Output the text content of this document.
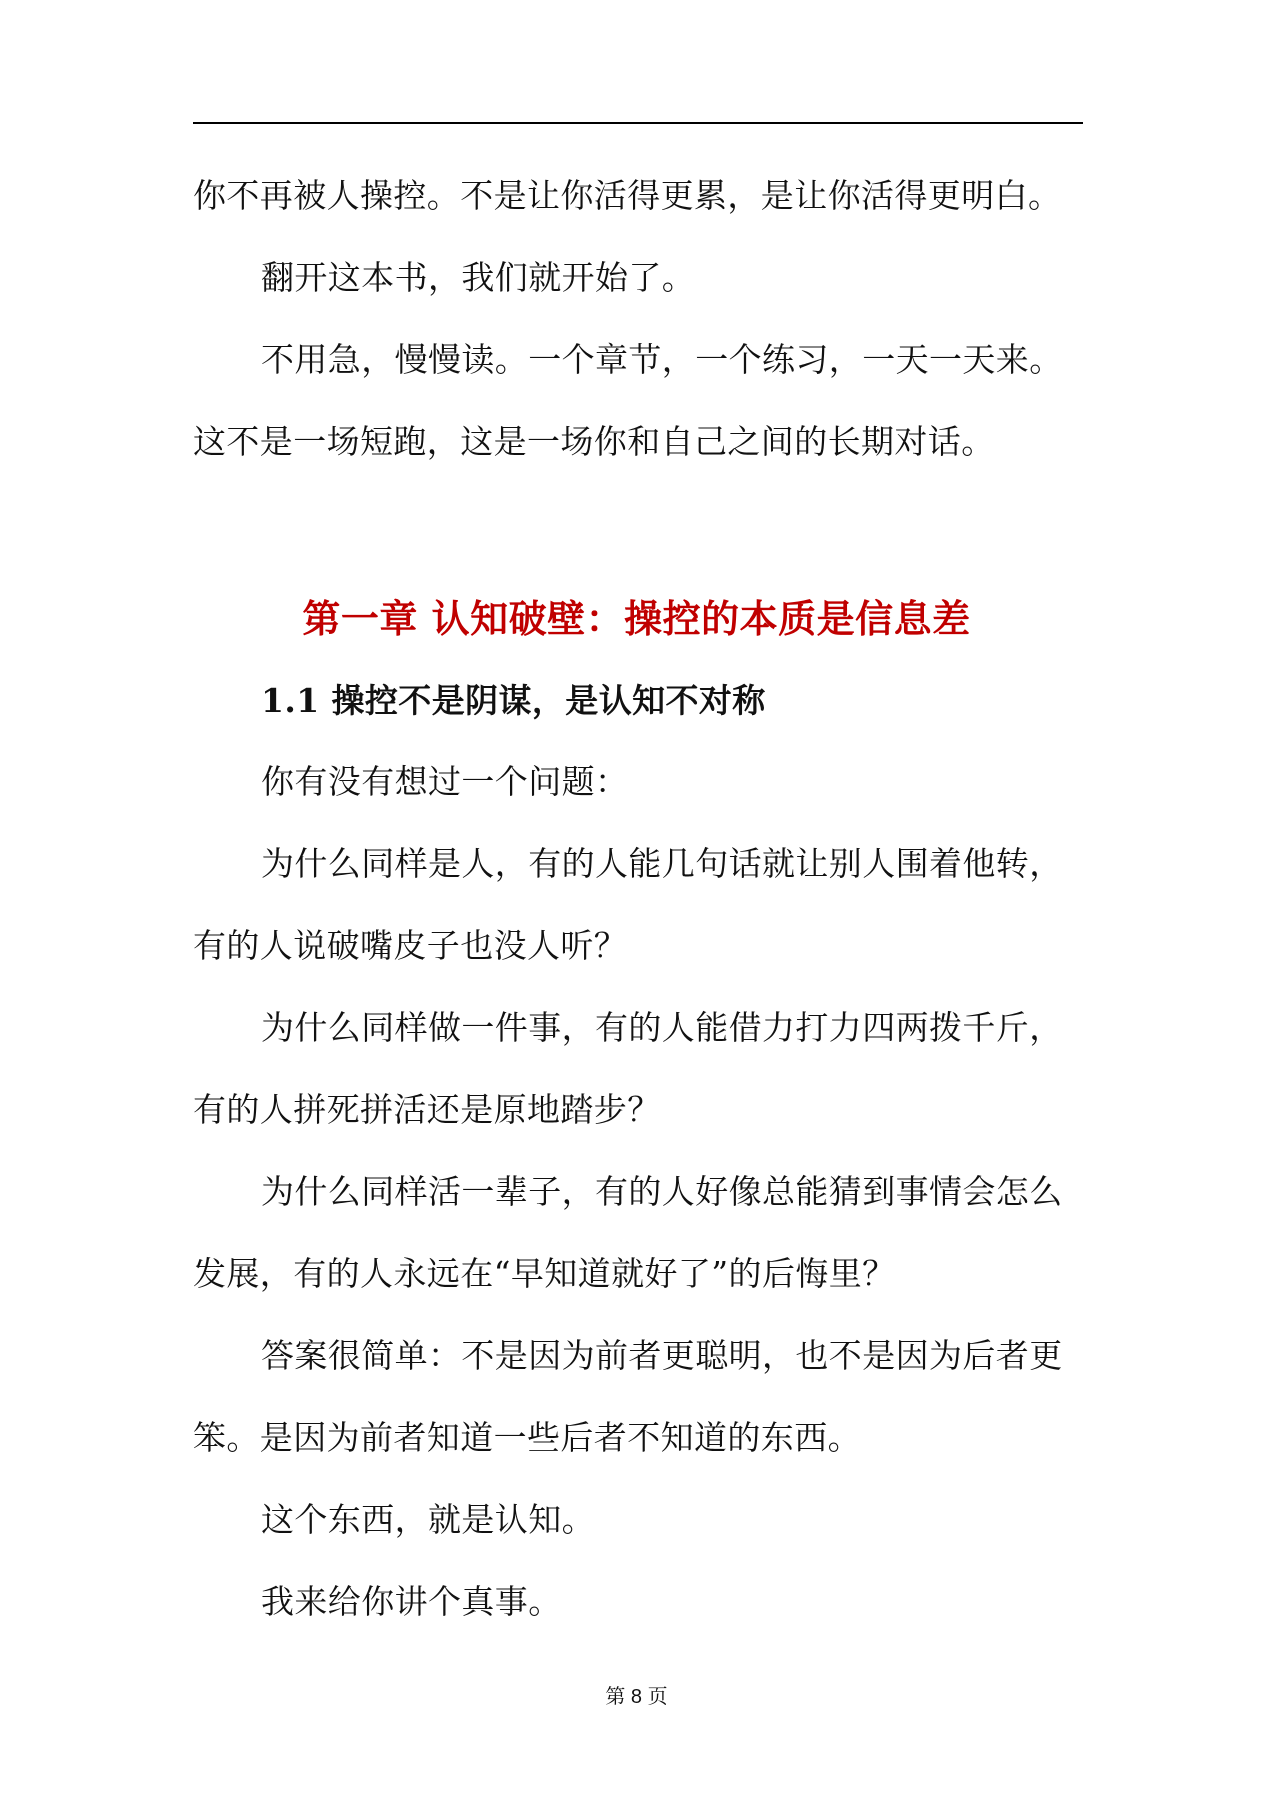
你不再被人操控。不是让你活得更累，是让你活得更明白。
翻开这本书，我们就开始了。
不用急，慢慢读。一个章节，一个练习，一天一天来。
这不是一场短跑，这是一场你和自己之间的长期对话。
第一章 认知破壁：操控的本质是信息差
1.1 操控不是阴谋，是认知不对称
你有没有想过一个问题：
为什么同样是人，有的人能几句话就让别人围着他转，
有的人说破嘴皮子也没人听？
为什么同样做一件事，有的人能借力打力四两拨千斤，
有的人拼死拼活还是原地踏步？
为什么同样活一辈子，有的人好像总能猜到事情会怎么
发展，有的人永远在“早知道就好了”的后悔里？
答案很简单：不是因为前者更聪明，也不是因为后者更
笨。是因为前者知道一些后者不知道的东西。
这个东西，就是认知。
我来给你讲个真事。
第 8 页
